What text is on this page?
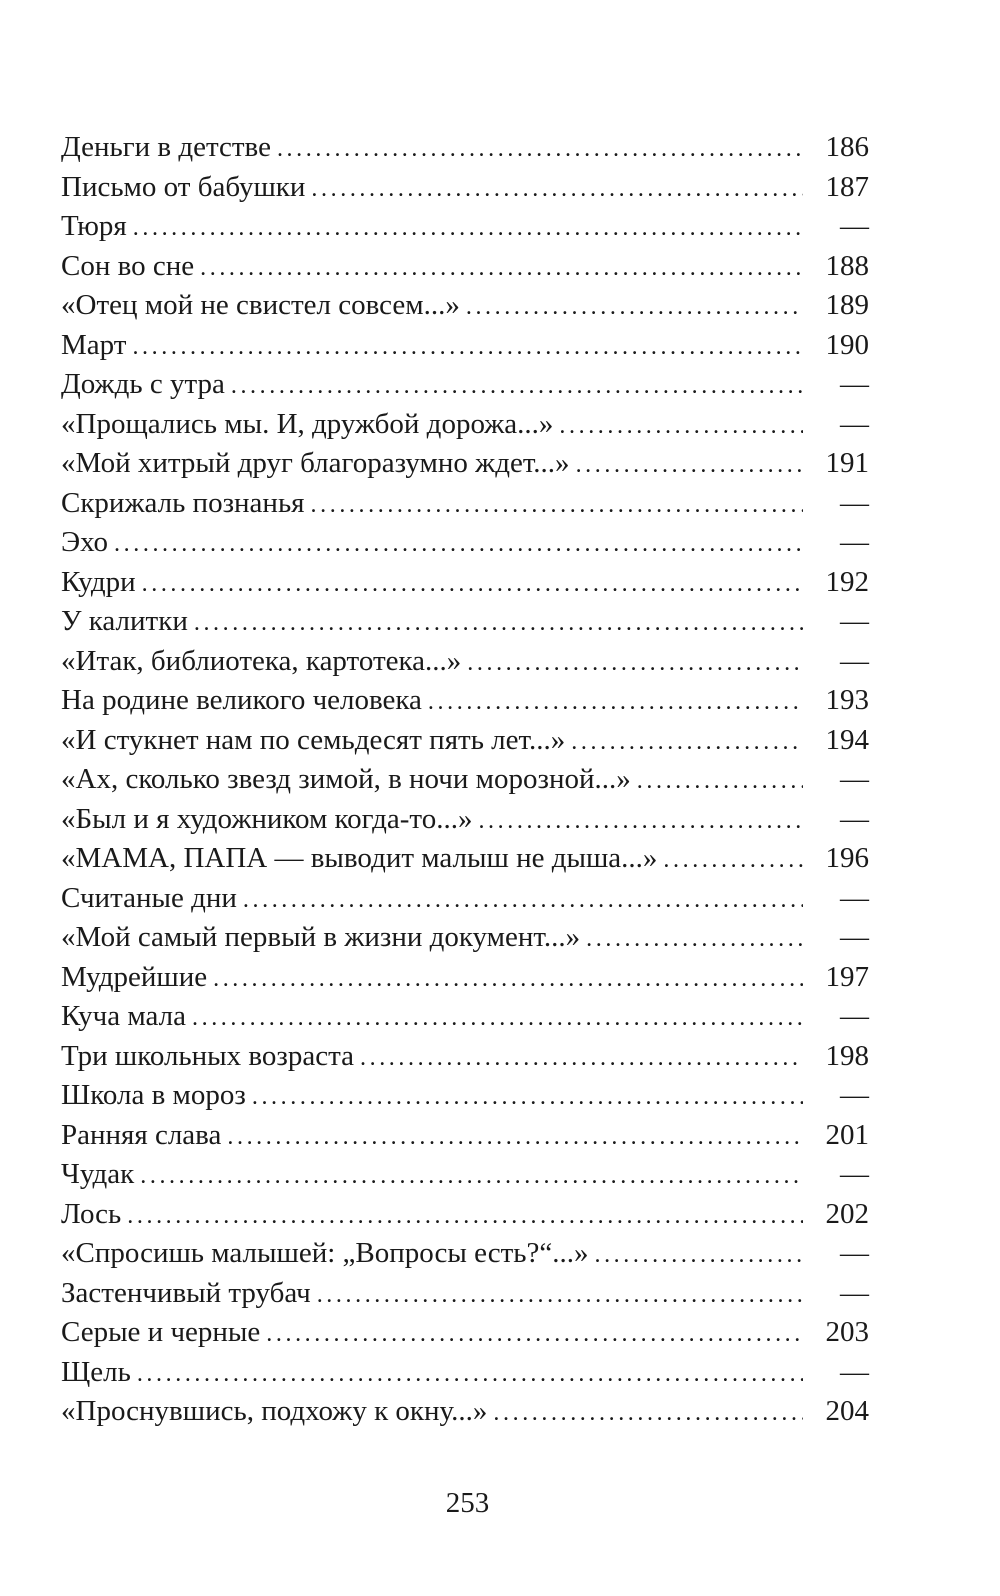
Деньги в детстве . . .	186
Письмо от бабушки . . .	187
Тюря . . .	—
Сон во сне . . .	188
«Отец мой не свистел совсем...» . . .	189
Март . . .	190
Дождь с утра . . .	—
«Прощались мы. И, дружбой дорожа...» . . .	—
«Мой хитрый друг благоразумно ждет...» . . .	191
Скрижаль познанья . . .	—
Эхо . . .	—
Кудри . . .	192
У калитки . . .	—
«Итак, библиотека, картотека...» . . .	—
На родине великого человека . . .	193
«И стукнет нам по семьдесят пять лет...» . . .	194
«Ах, сколько звезд зимой, в ночи морозной...» . . .	—
«Был и я художником когда-то...» . . .	—
«МАМА, ПАПА — выводит малыш не дыша...» . . .	196
Считаные дни . . .	—
«Мой самый первый в жизни документ...» . . .	—
Мудрейшие . . .	197
Куча мала . . .	—
Три школьных возраста . . .	198
Школа в мороз . . .	—
Ранняя слава . . .	201
Чудак . . .	—
Лось . . .	202
«Спросишь малышей: „Вопросы есть?“...» . . .	—
Застенчивый трубач . . .	—
Серые и черные . . .	203
Щель . . .	—
«Проснувшись, подхожу к окну...» . . .	204
253
